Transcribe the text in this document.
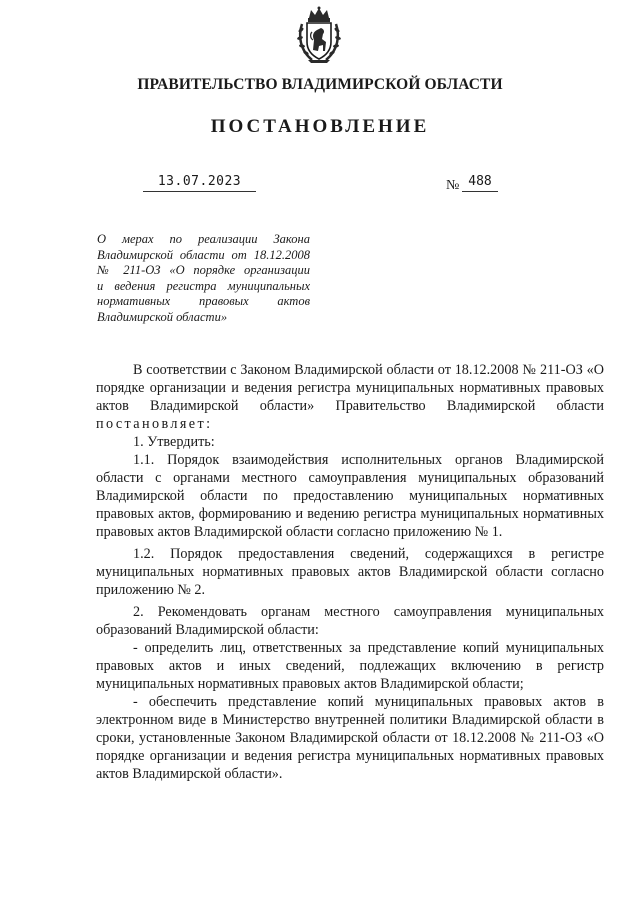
ПРАВИТЕЛЬСТВО ВЛАДИМИРСКОЙ ОБЛАСТИ
ПОСТАНОВЛЕНИЕ
13.07.2023	№ 488
О мерах по реализации Закона
Владимирской области от 18.12.2008
№ 211-ОЗ «О порядке организации
и ведения регистра муниципальных
нормативных правовых актов
Владимирской области»

В соответствии с Законом Владимирской области от 18.12.2008 № 211-ОЗ «О порядке организации и ведения регистра муниципальных нормативных правовых актов Владимирской области» Правительство Владимирской области постановляет:

1. Утвердить:

1.1. Порядок взаимодействия исполнительных органов Владимирской области с органами местного самоуправления муниципальных образований Владимирской области по предоставлению муниципальных нормативных правовых актов, формированию и ведению регистра муниципальных нормативных правовых актов Владимирской области согласно приложению № 1.

1.2. Порядок предоставления сведений, содержащихся в регистре муниципальных нормативных правовых актов Владимирской области согласно приложению № 2.

2. Рекомендовать органам местного самоуправления муниципальных образований Владимирской области:

- определить лиц, ответственных за представление копий муниципальных правовых актов и иных сведений, подлежащих включению в регистр муниципальных нормативных правовых актов Владимирской области;

- обеспечить представление копий муниципальных правовых актов в электронном виде в Министерство внутренней политики Владимирской области в сроки, установленные Законом Владимирской области от 18.12.2008 № 211-ОЗ «О порядке организации и ведения регистра муниципальных нормативных правовых актов Владимирской области».
